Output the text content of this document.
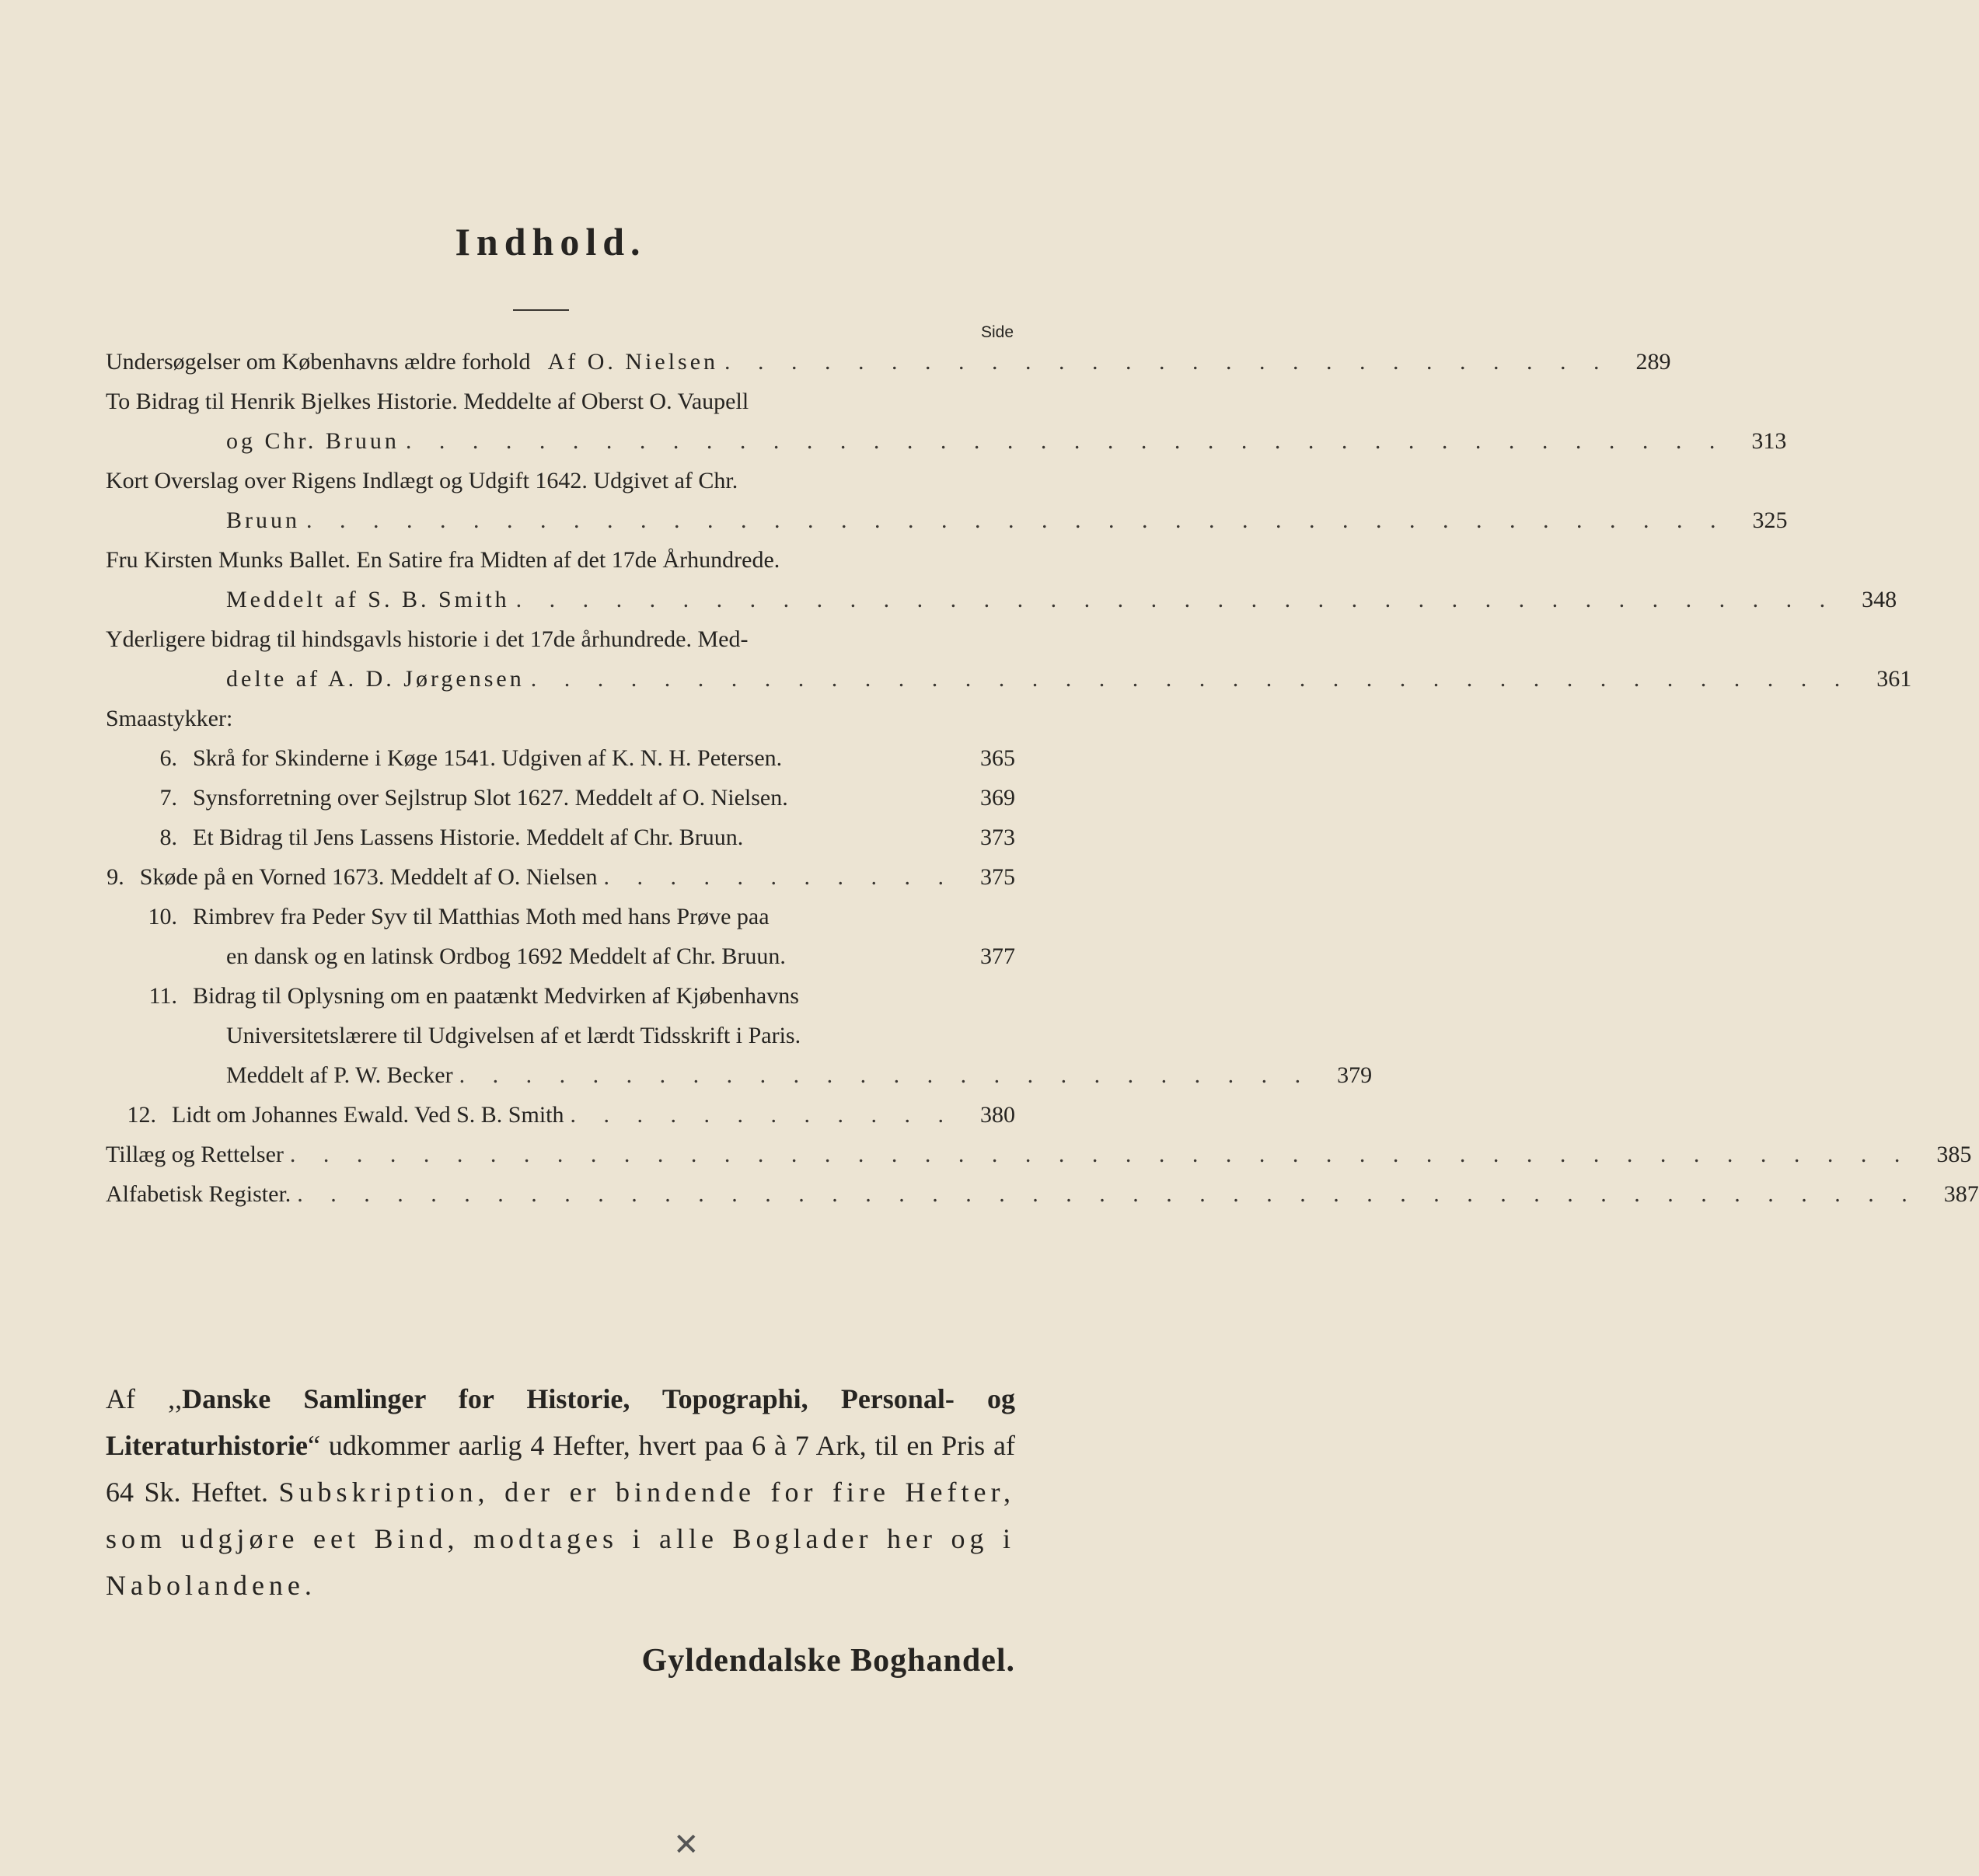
Indhold.
Side
Undersøgelser om Københavns ældre forhold Af O. Nielsen . . . . . . . . . . . . . . . . . . . . . . . . . . .	289
To Bidrag til Henrik Bjelkes Historie. Meddelte af Oberst O. Vaupell
og Chr. Bruun . . . . . . . . . . . . . . . . . . . . . . . . . . . . . . . . . . . . . . . .	313
Kort Overslag over Rigens Indlægt og Udgift 1642. Udgivet af Chr.
Bruun . . . . . . . . . . . . . . . . . . . . . . . . . . . . . . . . . . . . . . . . . . .	325
Fru Kirsten Munks Ballet. En Satire fra Midten af det 17de Århundrede.
Meddelt af S. B. Smith . . . . . . . . . . . . . . . . . . . . . . . . . . . . . . . . . . . . . . . .	348
Yderligere bidrag til hindsgavls historie i det 17de århundrede. Med-
delte af A. D. Jørgensen . . . . . . . . . . . . . . . . . . . . . . . . . . . . . . . . . . . . . . . .	361
Smaastykker:
6. Skrå for Skinderne i Køge 1541. Udgiven af K. N. H. Petersen.	365
7. Synsforretning over Sejlstrup Slot 1627. Meddelt af O. Nielsen.	369
8. Et Bidrag til Jens Lassens Historie. Meddelt af Chr. Bruun.	373
9. Skøde på en Vorned 1673. Meddelt af O. Nielsen . . . . . . . . . . .	375
10. Rimbrev fra Peder Syv til Matthias Moth med hans Prøve paa
en dansk og en latinsk Ordbog 1692 Meddelt af Chr. Bruun.	377
11. Bidrag til Oplysning om en paatænkt Medvirken af Kjøbenhavns
Universitetslærere til Udgivelsen af et lærdt Tidsskrift i Paris.
Meddelt af P. W. Becker . . . . . . . . . . . . . . . . . . . . . . . . . .	379
12. Lidt om Johannes Ewald. Ved S. B. Smith . . . . . . . . . . . .	380
Tillæg og Rettelser . . . . . . . . . . . . . . . . . . . . . . . . . . . . . . . . . . . . . . . . . . . . . . . . .	385
Alfabetisk Register. . . . . . . . . . . . . . . . . . . . . . . . . . . . . . . . . . . . . . . . . . . . . . . . . .	387
Af ,,Danske Samlinger for Historie, Topographi, Personal- og Literaturhistorie“ udkommer aarlig 4 Hefter, hvert paa 6 à 7 Ark, til en Pris af 64 Sk. Heftet. Subskription, der er bindende for fire Hefter, som udgjøre eet Bind, modtages i alle Boglader her og i Nabolandene.
Gyldendalske Boghandel.
✕
